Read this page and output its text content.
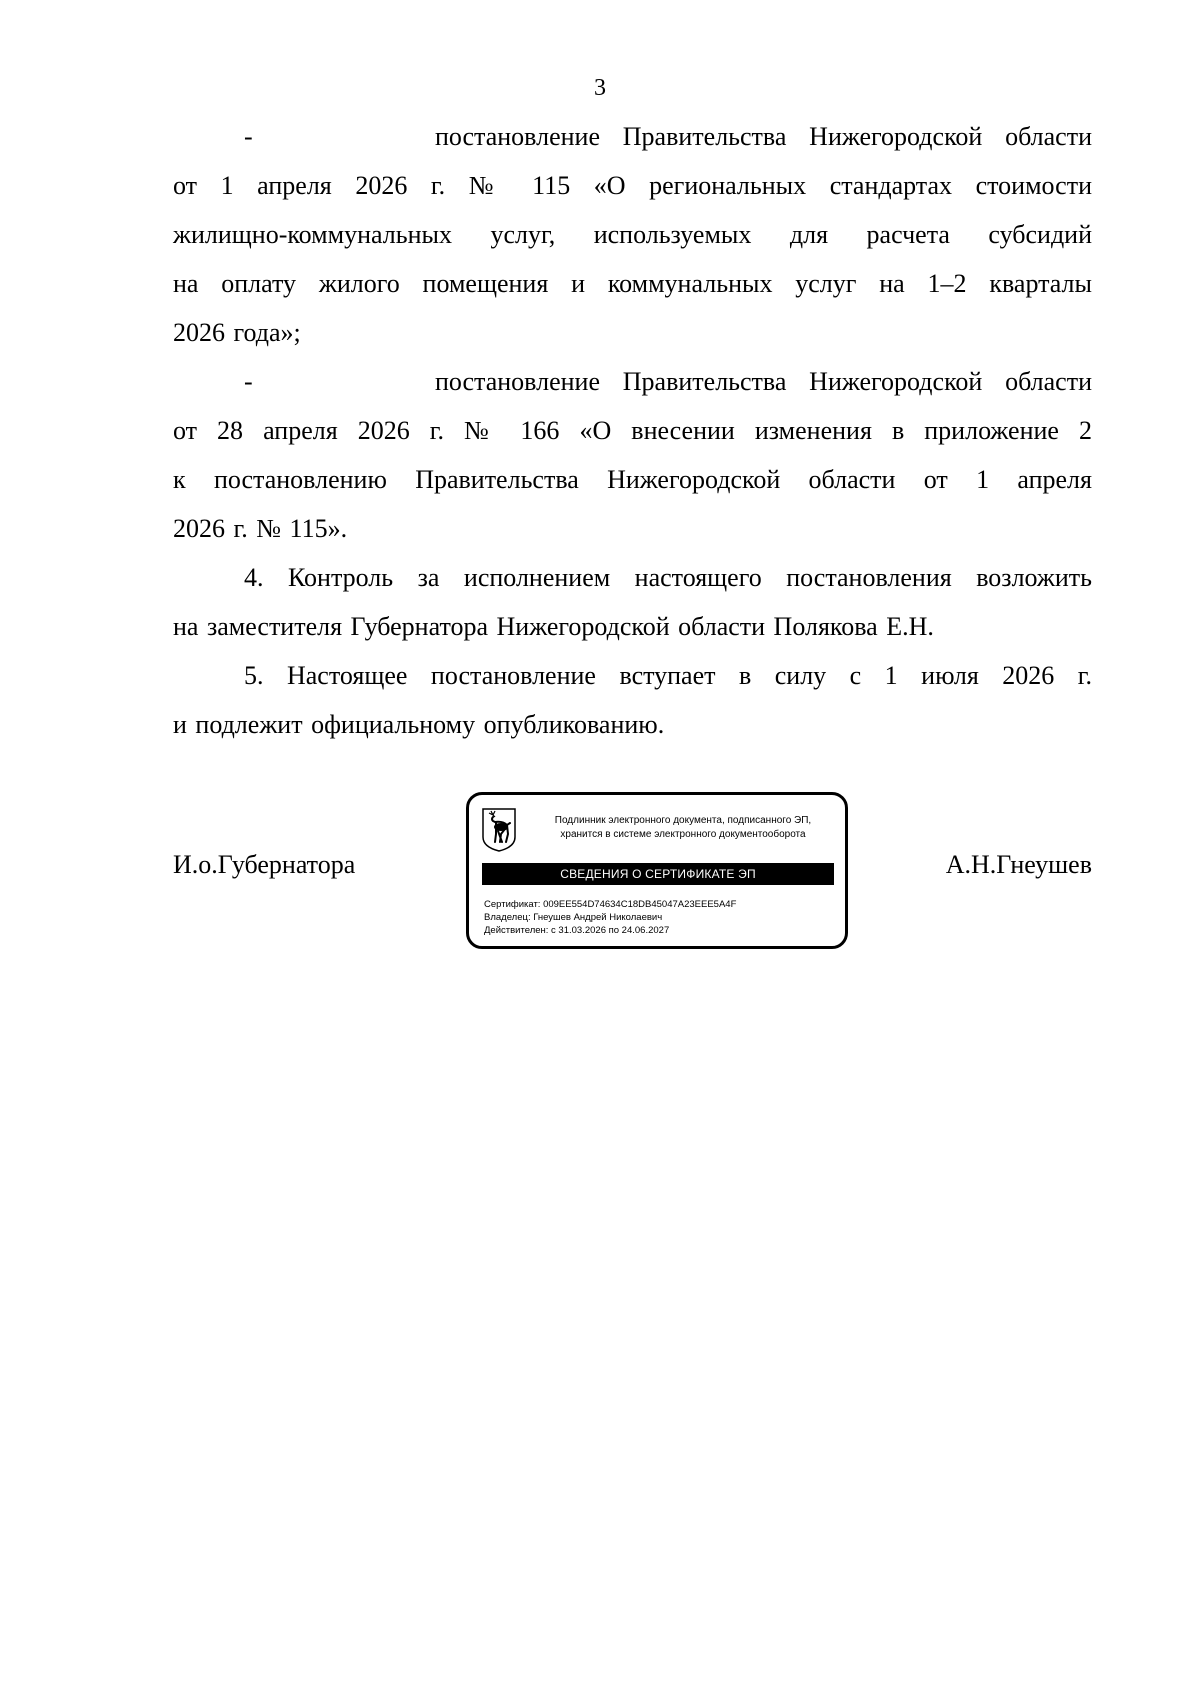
3

-        постановление Правительства Нижегородской области
от 1 апреля 2026 г. № 115 «О региональных стандартах стоимости
жилищно-коммунальных услуг, используемых для расчета субсидий
на оплату жилого помещения и коммунальных услуг на 1–2 кварталы
2026 года»;

-        постановление Правительства Нижегородской области
от 28 апреля 2026 г. № 166 «О внесении изменения в приложение 2
к постановлению Правительства Нижегородской области от 1 апреля
2026 г. № 115».

4. Контроль за исполнением настоящего постановления возложить
на заместителя Губернатора Нижегородской области Полякова Е.Н.

5. Настоящее постановление вступает в силу с 1 июля 2026 г.
и подлежит официальному опубликованию.

И.о.Губернатора
Подлинник электронного документа, подписанного ЭП,
хранится в системе электронного документооборота
СВЕДЕНИЯ О СЕРТИФИКАТЕ ЭП
Сертификат: 009EE554D74634C18DB45047A23EEE5A4F
Владелец: Гнеушев Андрей Николаевич
Действителен: с 31.03.2026 по 24.06.2027
А.Н.Гнеушев
